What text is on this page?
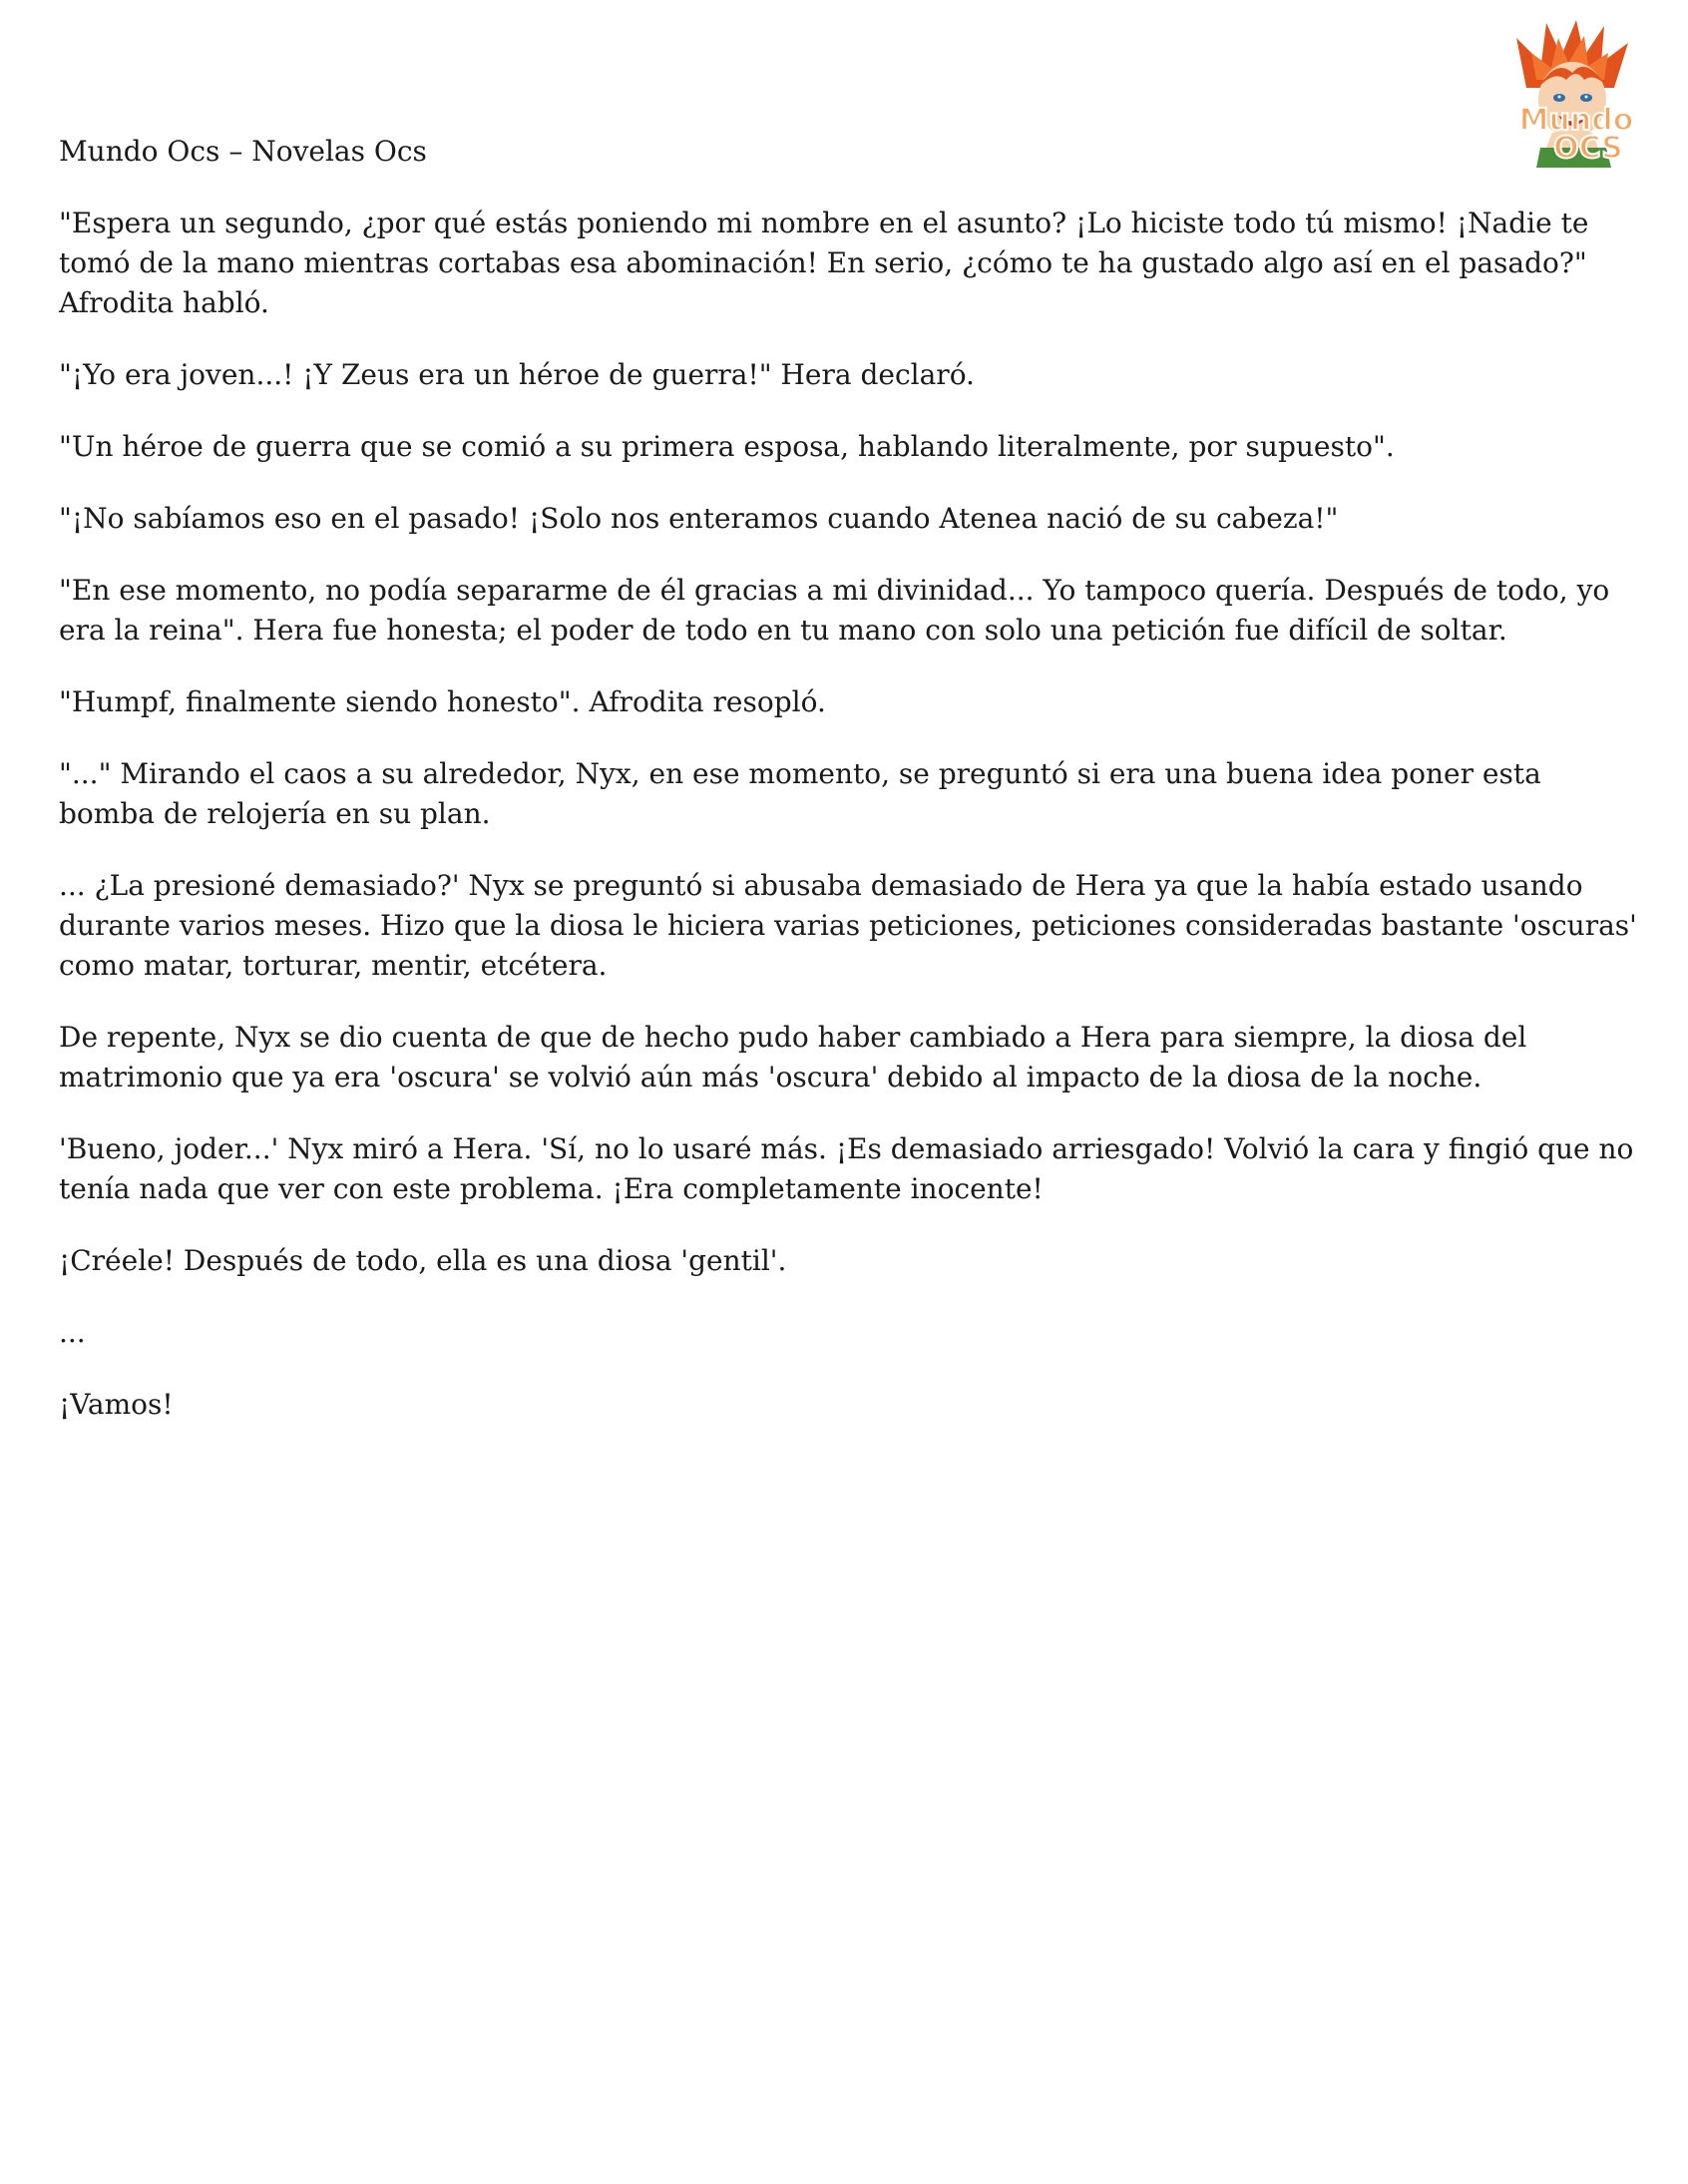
Mundo Ocs – Novelas Ocs
Mundo
OCS

"Espera un segundo, ¿por qué estás poniendo mi nombre en el asunto? ¡Lo hiciste todo tú mismo! ¡Nadie te tomó de la mano mientras cortabas esa abominación! En serio, ¿cómo te ha gustado algo así en el pasado?" Afrodita habló.

"¡Yo era joven...! ¡Y Zeus era un héroe de guerra!" Hera declaró.

"Un héroe de guerra que se comió a su primera esposa, hablando literalmente, por supuesto".

"¡No sabíamos eso en el pasado! ¡Solo nos enteramos cuando Atenea nació de su cabeza!"

"En ese momento, no podía separarme de él gracias a mi divinidad... Yo tampoco quería. Después de todo, yo era la reina". Hera fue honesta; el poder de todo en tu mano con solo una petición fue difícil de soltar.

"Humpf, finalmente siendo honesto". Afrodita resopló.

"..." Mirando el caos a su alrededor, Nyx, en ese momento, se preguntó si era una buena idea poner esta bomba de relojería en su plan.

... ¿La presioné demasiado?' Nyx se preguntó si abusaba demasiado de Hera ya que la había estado usando durante varios meses. Hizo que la diosa le hiciera varias peticiones, peticiones consideradas bastante 'oscuras' como matar, torturar, mentir, etcétera.

De repente, Nyx se dio cuenta de que de hecho pudo haber cambiado a Hera para siempre, la diosa del matrimonio que ya era 'oscura' se volvió aún más 'oscura' debido al impacto de la diosa de la noche.

'Bueno, joder...' Nyx miró a Hera. 'Sí, no lo usaré más. ¡Es demasiado arriesgado! Volvió la cara y fingió que no tenía nada que ver con este problema. ¡Era completamente inocente!

¡Créele! Después de todo, ella es una diosa 'gentil'.

...

¡Vamos!
